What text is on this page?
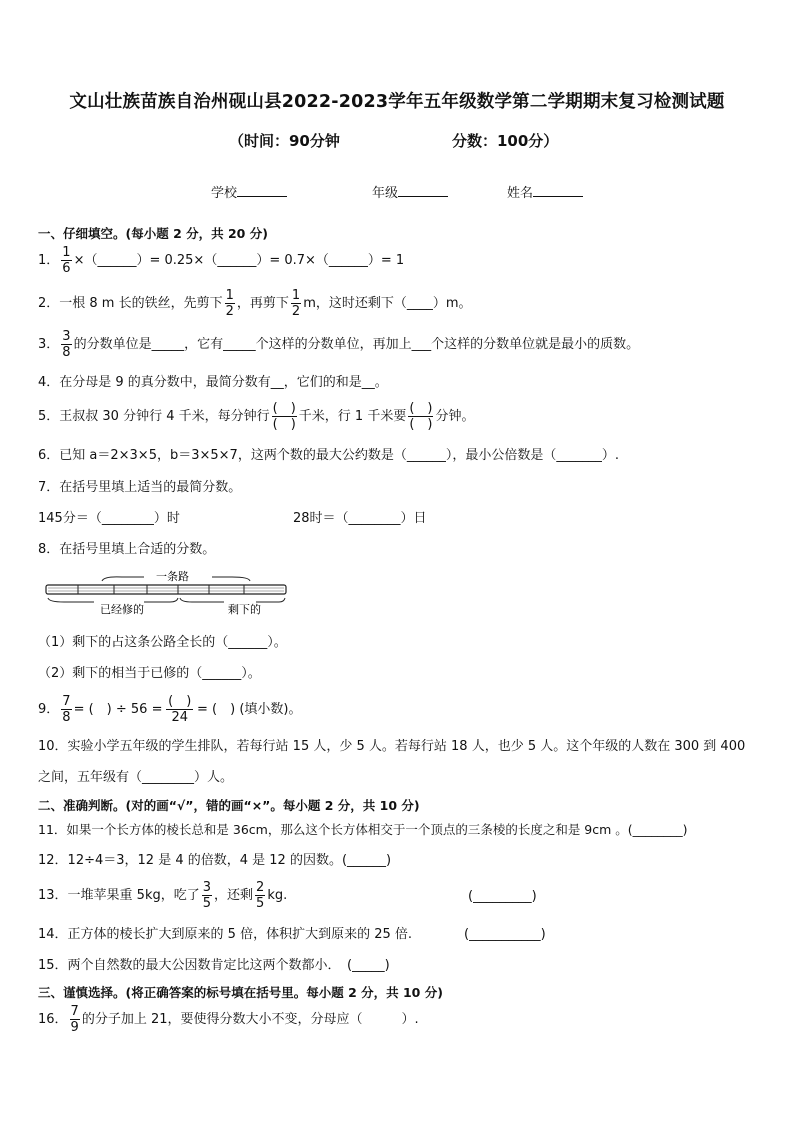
文山壮族苗族自治州砚山县2022-2023学年五年级数学第二学期期末复习检测试题
（时间：90分钟	分数：100分）
学校	年级	姓名
一、仔细填空。(每小题 2 分，共 20 分)
1． $\frac{1}{6}$ ×（______）= 0.25×（______）= 0.7×（______）= 1
2．一根 8 m 长的铁丝，先剪下 $\frac{1}{2}$ ，再剪下 $\frac{1}{2}$ m，这时还剩下（____）m。
3． $\frac{3}{8}$ 的分数单位是_____，它有_____个这样的分数单位，再加上___个这样的分数单位就是最小的质数。
4．在分母是 9 的真分数中，最简分数有__，它们的和是__。
5．王叔叔 30 分钟行 4 千米，每分钟行 $\frac{( )}{( )}$ 千米，行 1 千米要 $\frac{( )}{( )}$ 分钟。
6．已知 a＝2×3×5，b＝3×5×7，这两个数的最大公约数是（______），最小公倍数是（_______）.
7．在括号里填上适当的最简分数。
145分＝（________）时	28时＝（________）日
8．在括号里填上合适的分数。
一条路
已经修的	剩下的
（1）剩下的占这条公路全长的（______）。
（2）剩下的相当于已修的（______）。
9． $\frac{7}{8}$ = (　) ÷ $56 = \frac{( )}{24}$ = (　) (填小数)。
10．实验小学五年级的学生排队，若每行站 15 人，少 5 人。若每行站 18 人，也少 5 人。这个年级的人数在 300 到 400
之间，五年级有（________）人。
二、准确判断。(对的画“√”，错的画“×”。每小题 2 分，共 10 分)
11．如果一个长方体的棱长总和是 36cm，那么这个长方体相交于一个顶点的三条棱的长度之和是 9cm 。(________)
12．12÷4＝3，12 是 4 的倍数，4 是 12 的因数。(______)
13．一堆苹果重 5kg，吃了 $\frac{3}{5}$ ，还剩 $\frac{2}{5}$ kg.	(_________)
14．正方体的棱长扩大到原来的 5 倍，体积扩大到原来的 25 倍.	(___________)
15．两个自然数的最大公因数肯定比这两个数都小．　(_____)
三、谨慎选择。(将正确答案的标号填在括号里。每小题 2 分，共 10 分)
16． $\frac{7}{9}$ 的分子加上 21，要使得分数大小不变，分母应（　　　）.
